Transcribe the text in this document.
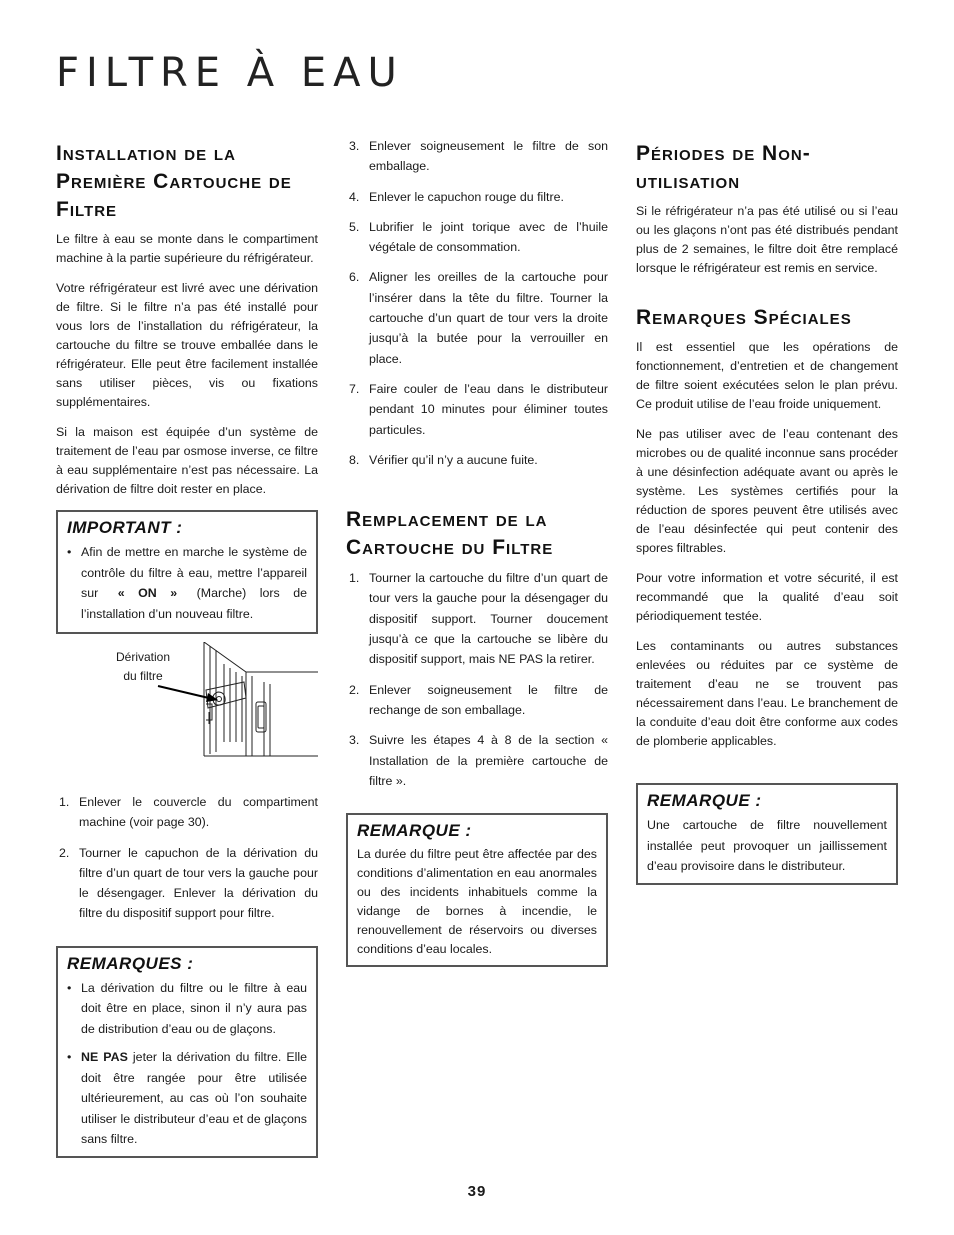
FILTRE À EAU
Installation de la Première Cartouche de Filtre

Le filtre à eau se monte dans le compartiment machine à la partie supérieure du réfrigérateur.

Votre réfrigérateur est livré avec une dérivation de filtre. Si le filtre n’a pas été installé pour vous lors de l’installation du réfrigérateur, la cartouche du filtre se trouve emballée dans le réfrigérateur. Elle peut être facilement installée sans utiliser pièces, vis ou fixations supplémentaires.

Si la maison est équipée d’un système de traitement de l’eau par osmose inverse, ce filtre à eau supplémentaire n’est pas nécessaire. La dérivation de filtre doit rester en place.

IMPORTANT :
• Afin de mettre en marche le système de contrôle du filtre à eau, mettre l’appareil sur « ON » (Marche) lors de l’installation d’un nouveau filtre.
Dérivation du filtre
1. Enlever le couvercle du compartiment machine (voir page 30).
2. Tourner le capuchon de la dérivation du filtre d’un quart de tour vers la gauche pour le désengager. Enlever la dérivation du filtre du dispositif support pour filtre.
REMARQUES :
• La dérivation du filtre ou le filtre à eau doit être en place, sinon il n’y aura pas de distribution d’eau ou de glaçons.
• NE PAS jeter la dérivation du filtre. Elle doit être rangée pour être utilisée ultérieurement, au cas où l’on souhaite utiliser le distributeur d’eau et de glaçons sans filtre.
3. Enlever soigneusement le filtre de son emballage.
4. Enlever le capuchon rouge du filtre.
5. Lubrifier le joint torique avec de l’huile végétale de consommation.
6. Aligner les oreilles de la cartouche pour l’insérer dans la tête du filtre. Tourner la cartouche d’un quart de tour vers la droite jusqu’à la butée pour la verrouiller en place.
7. Faire couler de l’eau dans le distributeur pendant 10 minutes pour éliminer toutes particules.
8. Vérifier qu’il n’y a aucune fuite.
Remplacement de la Cartouche du Filtre
1. Tourner la cartouche du filtre d’un quart de tour vers la gauche pour la désengager du dispositif support. Tourner doucement jusqu’à ce que la cartouche se libère du dispositif support, mais NE PAS la retirer.
2. Enlever soigneusement le filtre de rechange de son emballage.
3. Suivre les étapes 4 à 8 de la section « Installation de la première cartouche de filtre ».
REMARQUE :

La durée du filtre peut être affectée par des conditions d’alimentation en eau anormales ou des incidents inhabituels comme la vidange de bornes à incendie, le renouvellement de réservoirs ou diverses conditions d’eau locales.

Périodes de Non-utilisation

Si le réfrigérateur n’a pas été utilisé ou si l’eau ou les glaçons n’ont pas été distribués pendant plus de 2 semaines, le filtre doit être remplacé lorsque le réfrigérateur est remis en service.

Remarques Spéciales

Il est essentiel que les opérations de fonctionnement, d’entretien et de changement de filtre soient exécutées selon le plan prévu. Ce produit utilise de l’eau froide uniquement.

Ne pas utiliser avec de l’eau contenant des microbes ou de qualité inconnue sans procéder à une désinfection adéquate avant ou après le système. Les systèmes certifiés pour la réduction de spores peuvent être utilisés avec de l’eau désinfectée qui peut contenir des spores filtrables.

Pour votre information et votre sécurité, il est recommandé que la qualité d’eau soit périodiquement testée.

Les contaminants ou autres substances enlevées ou réduites par ce système de traitement d’eau ne se trouvent pas nécessairement dans l’eau. Le branchement de la conduite d’eau doit être conforme aux codes de plomberie applicables.

REMARQUE :

Une cartouche de filtre nouvellement installée peut provoquer un jaillissement d’eau provisoire dans le distributeur.

39
